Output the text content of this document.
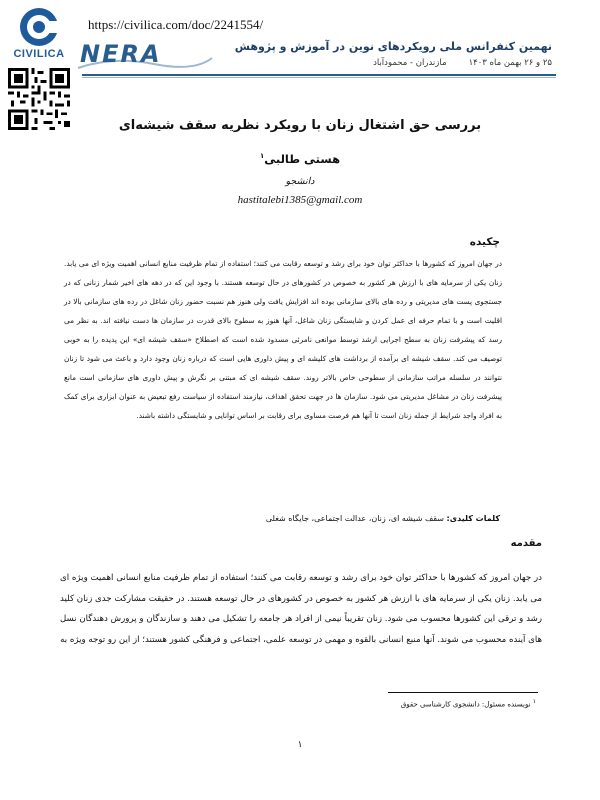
CIVILICA
https://civilica.com/doc/2241554/
NERA	نهمین کنفرانس ملی رویکردهای نوین در آموزش و پژوهش
۲۵ و ۲۶ بهمن ماه ۱۴۰۳
مازندران - محمودآباد
بررسی حق اشتغال زنان با رویکرد نظریه سقف شیشه‌ای
هستی طالبی$^۱$
دانشجو
hastitalebi1385@gmail.com
چکیده
در جهان امروز که کشورها با حداکثر توان خود برای رشد و توسعه رقابت می کنند؛ استفاده از تمام ظرفیت منابع انسانی اهمیت ویژه ای می یابد. زنان یکی از سرمایه های با ارزش هر کشور به خصوص در کشورهای در حال توسعه هستند. با وجود این که در دهه های اخیر شمار زنانی که در جستجوی پست های مدیریتی و رده های بالای سازمانی بوده اند افزایش یافت ولی هنوز هم نسبت حضور زنان شاغل در رده های سازمانی بالا در اقلیت است و با تمام حرفه ای عمل کردن و شایستگی زنان شاغل، آنها هنوز به سطوح بالای قدرت در سازمان ها دست نیافته اند. به نظر می رسد که پیشرفت زنان به سطح اجرایی ارشد توسط موانعی نامرئی مسدود شده است که اصطلاح «سقف شیشه ای» این پدیده را به خوبی توصیف می کند. سقف شیشه ای برآمده از برداشت های کلیشه ای و پیش داوری هایی است که درباره زنان وجود دارد و باعث می شود تا زنان نتوانند در سلسله مراتب سازمانی از سطوحی خاص بالاتر روند. سقف شیشه ای که مبتنی بر نگرش و پیش داوری های سازمانی است مانع پیشرفت زنان در مشاغل مدیریتی می شود. سازمان ها در جهت تحقق اهداف، نیازمند استفاده از سیاست رفع تبعیض به عنوان ابزاری برای کمک به افراد واجد شرایط از جمله زنان است تا آنها هم فرصت مساوی برای رقابت بر اساس توانایی و شایستگی داشته باشند.
کلمات کلیدی: سقف شیشه ای، زنان، عدالت اجتماعی، جایگاه شغلی
مقدمه
در جهان امروز که کشورها با حداکثر توان خود برای رشد و توسعه رقابت می کنند؛ استفاده از تمام ظرفیت منابع انسانی اهمیت ویژه ای می یابد. زنان یکی از سرمایه های با ارزش هر کشور به خصوص در کشورهای در حال توسعه هستند. در حقیقت مشارکت جدی زنان کلید رشد و ترقی این کشورها محسوب می شود. زنان تقریباً نیمی از افراد هر جامعه را تشکیل می دهند و سازندگان و پرورش دهندگان نسل های آینده محسوب می شوند. آنها منبع انسانی بالقوه و مهمی در توسعه علمی، اجتماعی و فرهنگی کشور هستند؛ از این رو توجه ویژه به
$^۱$ نویسنده مسئول: دانشجوی کارشناسی حقوق
۱
